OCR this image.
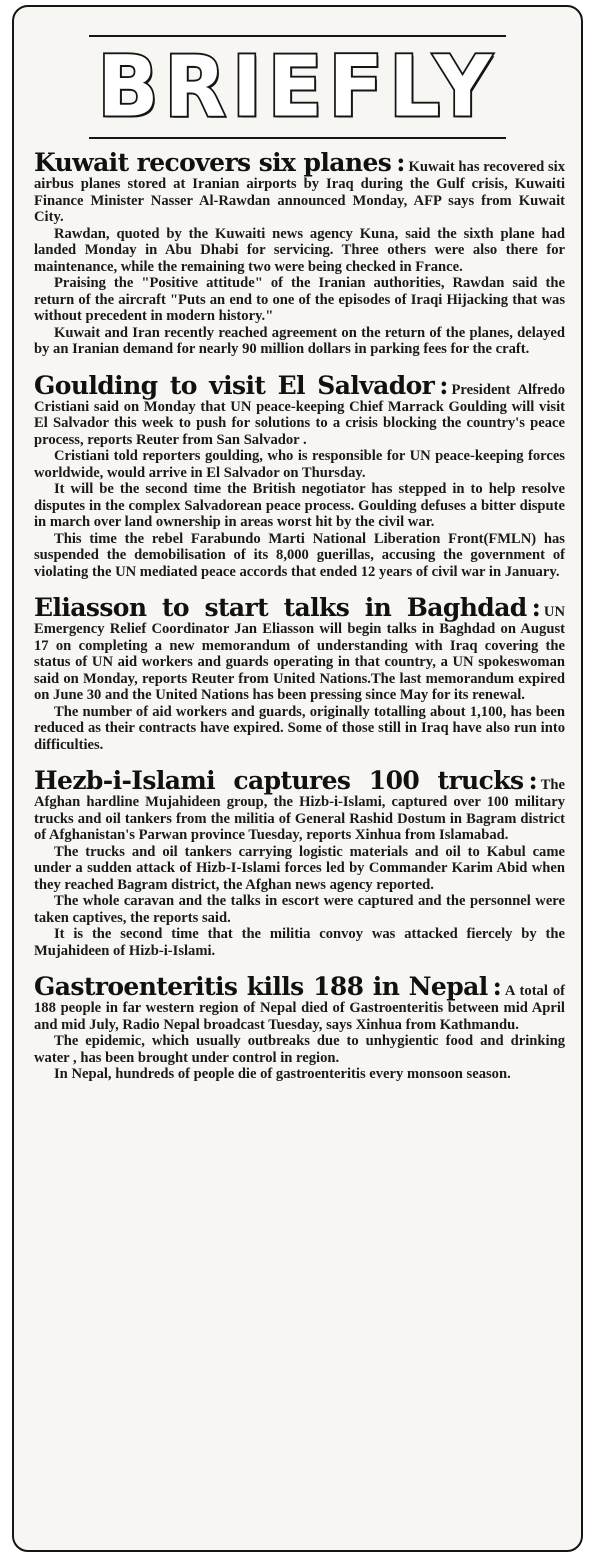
BRIEFLY

Kuwait recovers six planes : Kuwait has recovered six airbus planes stored at Iranian airports by Iraq during the Gulf crisis, Kuwaiti Finance Minister Nasser Al-Rawdan announced Monday, AFP says from Kuwait City.

Rawdan, quoted by the Kuwaiti news agency Kuna, said the sixth plane had landed Monday in Abu Dhabi for servicing. Three others were also there for maintenance, while the remaining two were being checked in France.

Praising the "Positive attitude" of the Iranian authorities, Rawdan said the return of the aircraft "Puts an end to one of the episodes of Iraqi Hijacking that was without precedent in modern history."

Kuwait and Iran recently reached agreement on the return of the planes, delayed by an Iranian demand for nearly 90 million dollars in parking fees for the craft.

Goulding to visit El Salvador : President Alfredo Cristiani said on Monday that UN peace-keeping Chief Marrack Goulding will visit El Salvador this week to push for solutions to a crisis blocking the country's peace process, reports Reuter from San Salvador .

Cristiani told reporters goulding, who is responsible for UN peace-keeping forces worldwide, would arrive in El Salvador on Thursday.

It will be the second time the British negotiator has stepped in to help resolve disputes in the complex Salvadorean peace process. Goulding defuses a bitter dispute in march over land ownership in areas worst hit by the civil war.

This time the rebel Farabundo Marti National Liberation Front(FMLN) has suspended the demobilisation of its 8,000 guerillas, accusing the government of violating the UN mediated peace accords that ended 12 years of civil war in January.

Eliasson to start talks in Baghdad : UN Emergency Relief Coordinator Jan Eliasson will begin talks in Baghdad on August 17 on completing a new memorandum of understanding with Iraq covering the status of UN aid workers and guards operating in that country, a UN spokeswoman said on Monday, reports Reuter from United Nations.The last memorandum expired on June 30 and the United Nations has been pressing since May for its renewal.

The number of aid workers and guards, originally totalling about 1,100, has been reduced as their contracts have expired. Some of those still in Iraq have also run into difficulties.

Hezb-i-Islami captures 100 trucks : The Afghan hardline Mujahideen group, the Hizb-i-Islami, captured over 100 military trucks and oil tankers from the militia of General Rashid Dostum in Bagram district of Afghanistan's Parwan province Tuesday, reports Xinhua from Islamabad.

The trucks and oil tankers carrying logistic materials and oil to Kabul came under a sudden attack of Hizb-I-Islami forces led by Commander Karim Abid when they reached Bagram district, the Afghan news agency reported.

The whole caravan and the talks in escort were captured and the personnel were taken captives, the reports said.

It is the second time that the militia convoy was attacked fiercely by the Mujahideen of Hizb-i-Islami.

Gastroenteritis kills 188 in Nepal : A total of 188 people in far western region of Nepal died of Gastroenteritis between mid April and mid July, Radio Nepal broadcast Tuesday, says Xinhua from Kathmandu.

The epidemic, which usually outbreaks due to unhygientic food and drinking water , has been brought under control in region.

In Nepal, hundreds of people die of gastroenteritis every monsoon season.
